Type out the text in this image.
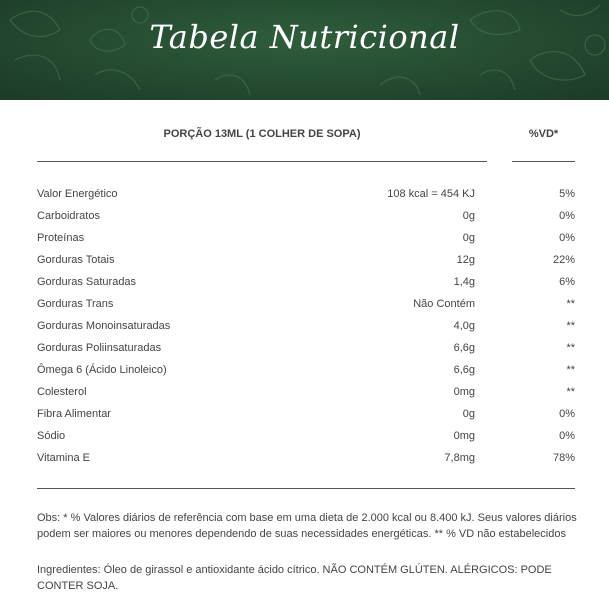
Tabela Nutricional
PORÇÃO 13ML (1 COLHER DE SOPA)	%VD*
Valor Energético	108 kcal = 454 KJ	5%
Carboidratos	0g	0%
Proteínas	0g	0%
Gorduras Totais	12g	22%
Gorduras Saturadas	1,4g	6%
Gorduras Trans	Não Contém	**
Gorduras Monoinsaturadas	4,0g	**
Gorduras Poliinsaturadas	6,6g	**
Ômega 6 (Ácido Linoleico)	6,6g	**
Colesterol	0mg	**
Fibra Alimentar	0g	0%
Sódio	0mg	0%
Vitamina E	7,8mg	78%
Obs: * % Valores diários de referência com base em uma dieta de 2.000 kcal ou 8.400 kJ. Seus valores diários podem ser maiores ou menores dependendo de suas necessidades energéticas. ** % VD não estabelecidos
Ingredientes: Óleo de girassol e antioxidante ácido cítrico. NÃO CONTÉM GLÚTEN. ALÉRGICOS: PODE CONTER SOJA.
